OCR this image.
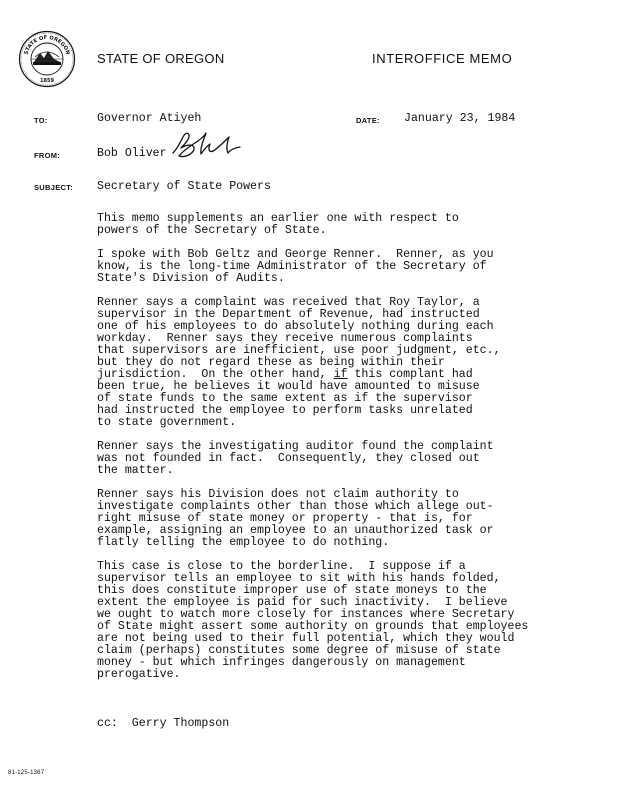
STATE OF OREGON
1859
STATE OF OREGON	INTEROFFICE MEMO
TO:	Governor Atiyeh	DATE: January 23, 1984
FROM:	Bob Oliver
SUBJECT: Secretary of State Powers
This memo supplements an earlier one with respect to
powers of the Secretary of State.
I spoke with Bob Geltz and George Renner.  Renner, as you
know, is the long-time Administrator of the Secretary of
State's Division of Audits.
Renner says a complaint was received that Roy Taylor, a
supervisor in the Department of Revenue, had instructed
one of his employees to do absolutely nothing during each
workday.  Renner says they receive numerous complaints
that supervisors are inefficient, use poor judgment, etc.,
but they do not regard these as being within their
jurisdiction.  On the other hand, if this complant had
been true, he believes it would have amounted to misuse
of state funds to the same extent as if the supervisor
had instructed the employee to perform tasks unrelated
to state government.
Renner says the investigating auditor found the complaint
was not founded in fact.  Consequently, they closed out
the matter.
Renner says his Division does not claim authority to
investigate complaints other than those which allege out-
right misuse of state money or property - that is, for
example, assigning an employee to an unauthorized task or
flatly telling the employee to do nothing.
This case is close to the borderline.  I suppose if a
supervisor tells an employee to sit with his hands folded,
this does constitute improper use of state moneys to the
extent the employee is paid for such inactivity.  I believe
we ought to watch more closely for instances where Secretary
of State might assert some authority on grounds that employees
are not being used to their full potential, which they would
claim (perhaps) constitutes some degree of misuse of state
money - but which infringes dangerously on management
prerogative.
cc:  Gerry Thompson
81-125-1367
